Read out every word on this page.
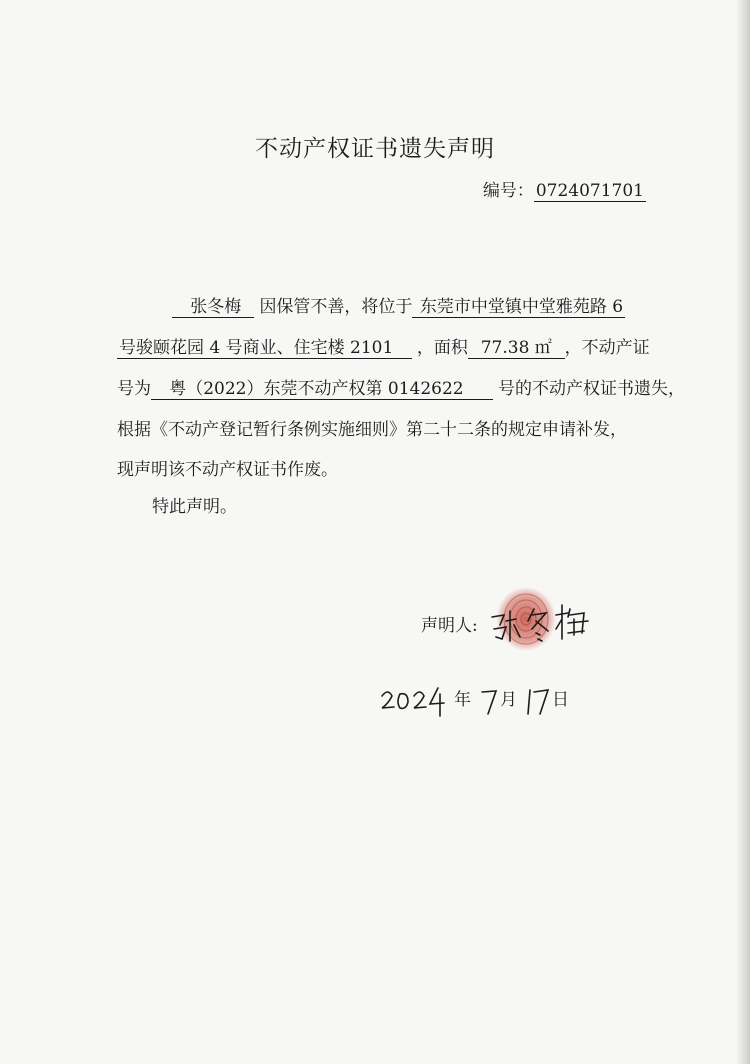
不动产权证书遗失声明
编号： 0724071701
张冬梅 因保管不善，将位于 东莞市中堂镇中堂雅苑路 6
号骏颐花园 4 号商业、住宅楼 2101 ，面积 77.38 ㎡ ，不动产证
号为 粤（2022）东莞不动产权第 0142622 号的不动产权证书遗失，
根据《不动产登记暂行条例实施细则》第二十二条的规定申请补发，
现声明该不动产权证书作废。
特此声明。
声明人:
年 月 日
